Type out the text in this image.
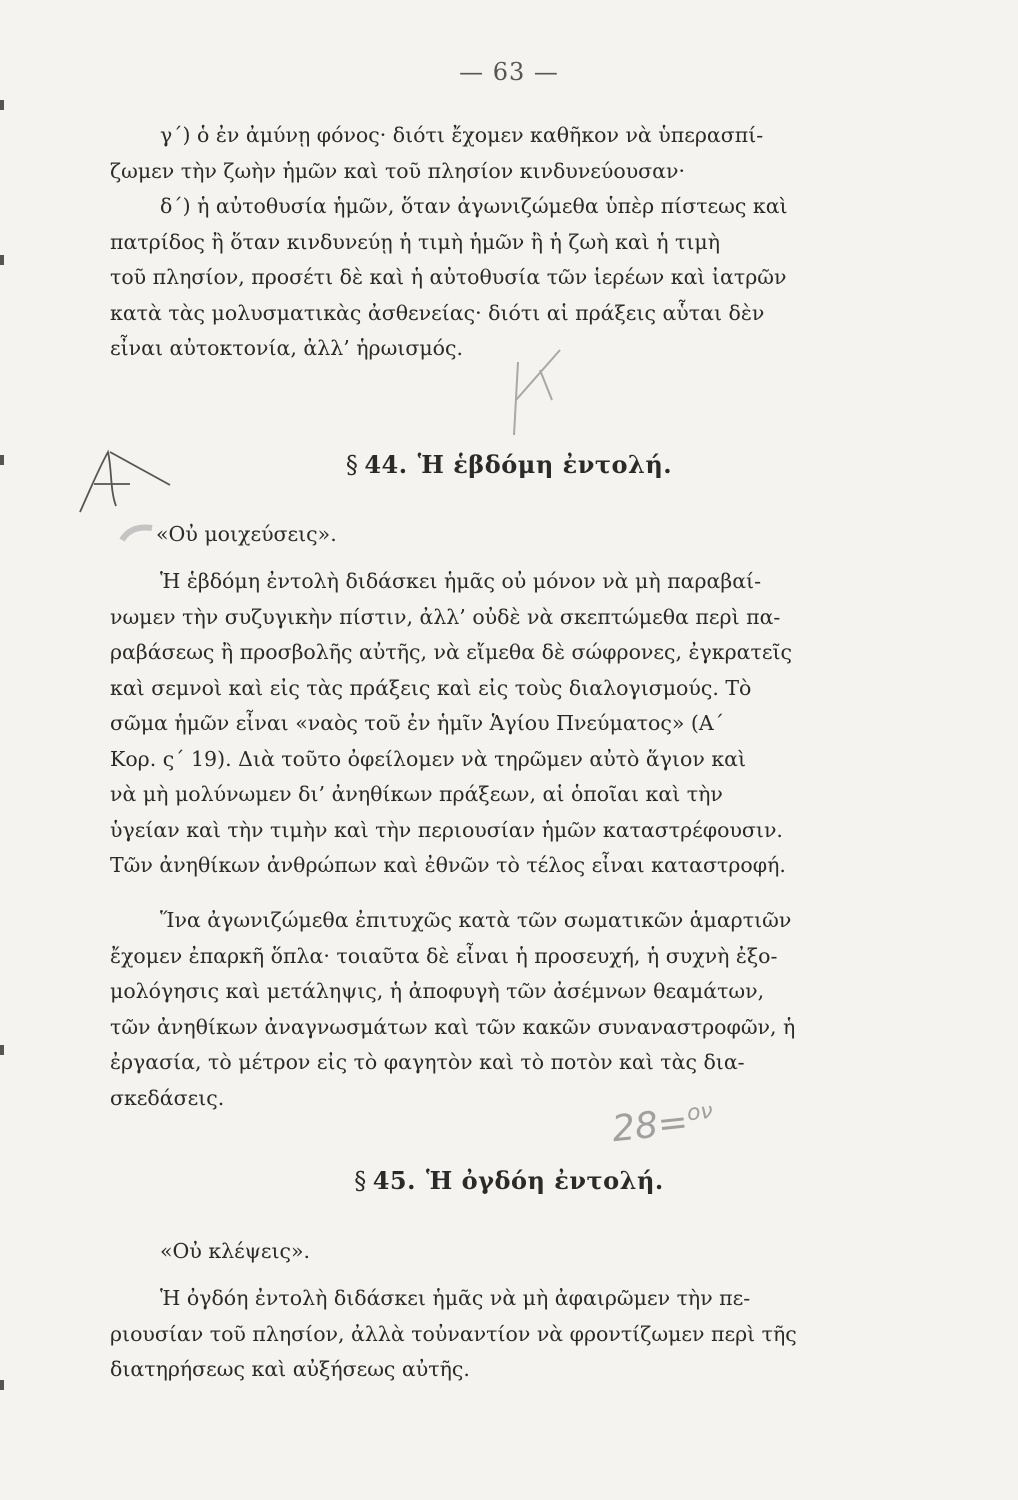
— 63 —

γ΄) ὁ ἐν ἀμύνῃ φόνος· διότι ἔχομεν καθῆκον νὰ ὑπερασπί-

ζωμεν τὴν ζωὴν ἡμῶν καὶ τοῦ πλησίον κινδυνεύουσαν·

δ΄) ἡ αὐτοθυσία ἡμῶν, ὅταν ἀγωνιζώμεθα ὑπὲρ πίστεως καὶ

πατρίδος ἢ ὅταν κινδυνεύῃ ἡ τιμὴ ἡμῶν ἢ ἡ ζωὴ καὶ ἡ τιμὴ

τοῦ πλησίον, προσέτι δὲ καὶ ἡ αὐτοθυσία τῶν ἱερέων καὶ ἰατρῶν

κατὰ τὰς μολυσματικὰς ἀσθενείας· διότι αἱ πράξεις αὗται δὲν

εἶναι αὐτοκτονία, ἀλλ’ ἡρωισμός.

§ 44. Ἡ ἑβδόμη ἐντολή.

«Οὐ μοιχεύσεις».

Ἡ ἑβδόμη ἐντολὴ διδάσκει ἡμᾶς οὐ μόνον νὰ μὴ παραβαί-

νωμεν τὴν συζυγικὴν πίστιν, ἀλλ’ οὐδὲ νὰ σκεπτώμεθα περὶ πα-

ραβάσεως ἢ προσβολῆς αὐτῆς, νὰ εἴμεθα δὲ σώφρονες, ἐγκρατεῖς

καὶ σεμνοὶ καὶ εἰς τὰς πράξεις καὶ εἰς τοὺς διαλογισμούς. Τὸ

σῶμα ἡμῶν εἶναι «ναὸς τοῦ ἐν ἡμῖν Ἁγίου Πνεύματος» (Α΄

Κορ. ς΄ 19). Διὰ τοῦτο ὀφείλομεν νὰ τηρῶμεν αὐτὸ ἅγιον καὶ

νὰ μὴ μολύνωμεν δι’ ἀνηθίκων πράξεων, αἱ ὁποῖαι καὶ τὴν

ὑγείαν καὶ τὴν τιμὴν καὶ τὴν περιουσίαν ἡμῶν καταστρέφουσιν.

Τῶν ἀνηθίκων ἀνθρώπων καὶ ἐθνῶν τὸ τέλος εἶναι καταστροφή.

Ἵνα ἀγωνιζώμεθα ἐπιτυχῶς κατὰ τῶν σωματικῶν ἁμαρτιῶν

ἔχομεν ἐπαρκῆ ὅπλα· τοιαῦτα δὲ εἶναι ἡ προσευχή, ἡ συχνὴ ἐξο-

μολόγησις καὶ μετάληψις, ἡ ἀποφυγὴ τῶν ἀσέμνων θεαμάτων,

τῶν ἀνηθίκων ἀναγνωσμάτων καὶ τῶν κακῶν συναναστροφῶν, ἡ

ἐργασία, τὸ μέτρον εἰς τὸ φαγητὸν καὶ τὸ ποτὸν καὶ τὰς δια-

σκεδάσεις.

§ 45. Ἡ ὀγδόη ἐντολή.

«Οὐ κλέψεις».

Ἡ ὀγδόη ἐντολὴ διδάσκει ἡμᾶς νὰ μὴ ἀφαιρῶμεν τὴν πε-

ριουσίαν τοῦ πλησίον, ἀλλὰ τοὐναντίον νὰ φροντίζωμεν περὶ τῆς

διατηρήσεως καὶ αὐξήσεως αὐτῆς.

28=$^{o\nu}$
